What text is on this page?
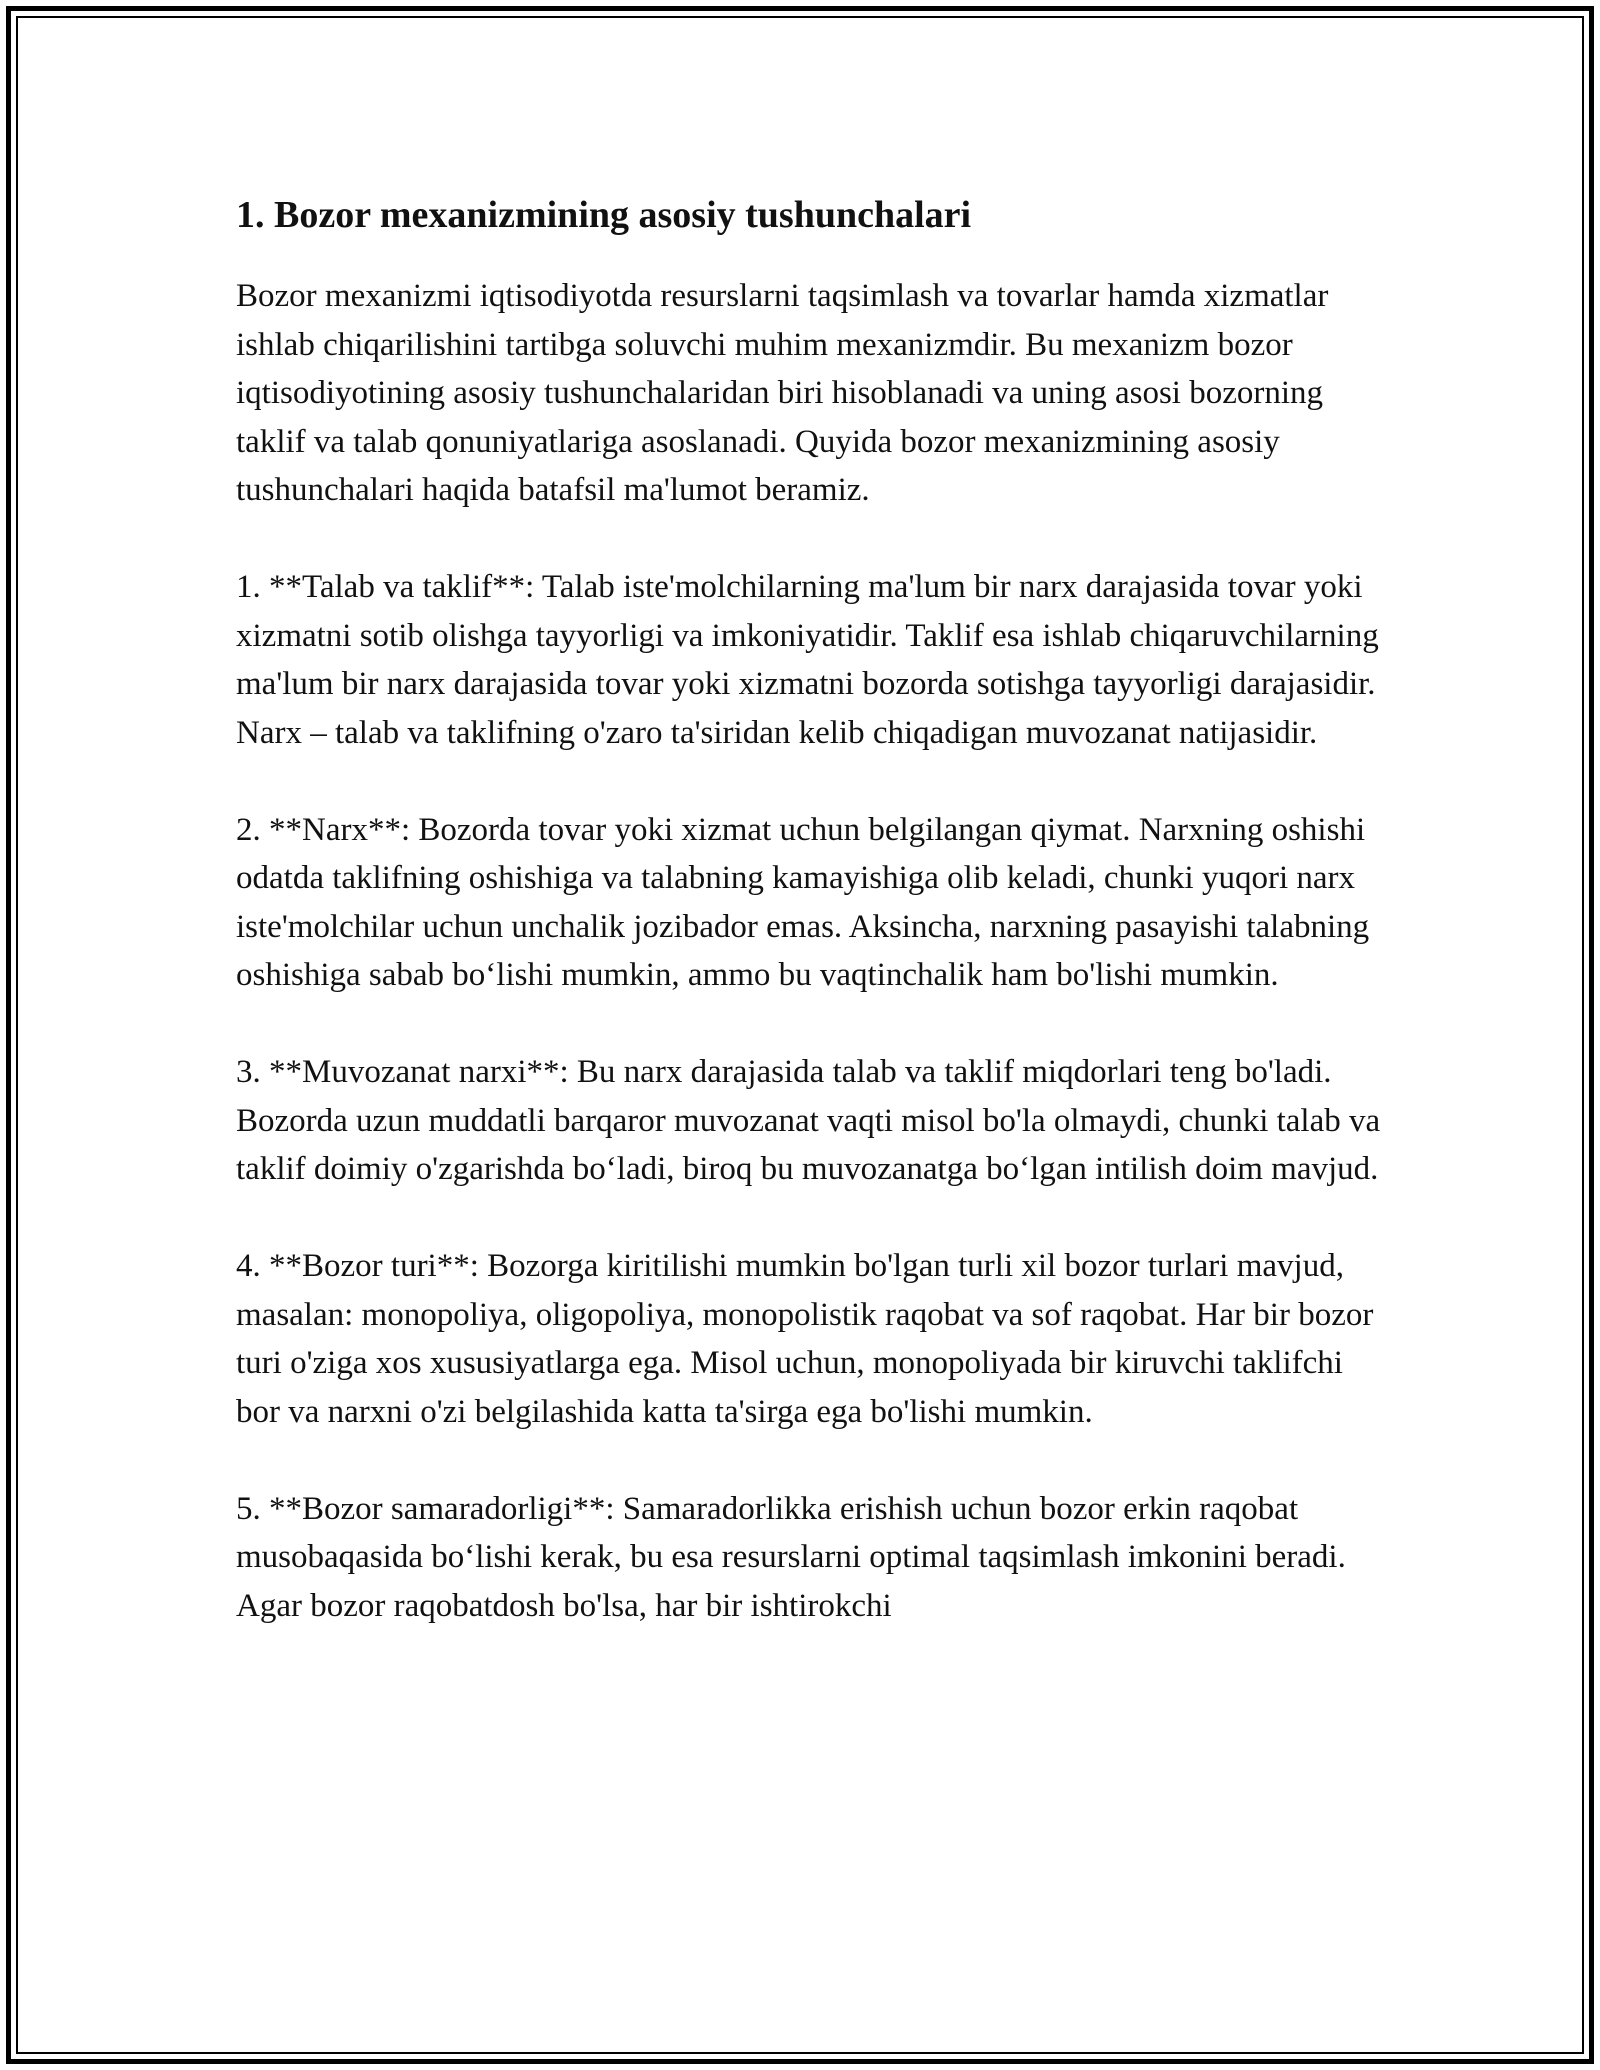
1. Bozor mexanizmining asosiy tushunchalari

Bozor mexanizmi iqtisodiyotda resurslarni taqsimlash va tovarlar hamda xizmatlar ishlab chiqarilishini tartibga soluvchi muhim mexanizmdir. Bu mexanizm bozor iqtisodiyotining asosiy tushunchalaridan biri hisoblanadi va uning asosi bozorning taklif va talab qonuniyatlariga asoslanadi. Quyida bozor mexanizmining asosiy tushunchalari haqida batafsil ma'lumot beramiz.

1. **Talab va taklif**: Talab iste'molchilarning ma'lum bir narx darajasida tovar yoki xizmatni sotib olishga tayyorligi va imkoniyatidir. Taklif esa ishlab chiqaruvchilarning ma'lum bir narx darajasida tovar yoki xizmatni bozorda sotishga tayyorligi darajasidir. Narx – talab va taklifning o'zaro ta'siridan kelib chiqadigan muvozanat natijasidir.

2. **Narx**: Bozorda tovar yoki xizmat uchun belgilangan qiymat. Narxning oshishi odatda taklifning oshishiga va talabning kamayishiga olib keladi, chunki yuqori narx iste'molchilar uchun unchalik jozibador emas. Aksincha, narxning pasayishi talabning oshishiga sabab bo‘lishi mumkin, ammo bu vaqtinchalik ham bo'lishi mumkin.

3. **Muvozanat narxi**: Bu narx darajasida talab va taklif miqdorlari teng bo'ladi. Bozorda uzun muddatli barqaror muvozanat vaqti misol bo'la olmaydi, chunki talab va taklif doimiy o'zgarishda bo‘ladi, biroq bu muvozanatga bo‘lgan intilish doim mavjud.

4. **Bozor turi**: Bozorga kiritilishi mumkin bo'lgan turli xil bozor turlari mavjud, masalan: monopoliya, oligopoliya, monopolistik raqobat va sof raqobat. Har bir bozor turi o'ziga xos xususiyatlarga ega. Misol uchun, monopoliyada bir kiruvchi taklifchi bor va narxni o'zi belgilashida katta ta'sirga ega bo'lishi mumkin.

5. **Bozor samaradorligi**: Samaradorlikka erishish uchun bozor erkin raqobat musobaqasida bo‘lishi kerak, bu esa resurslarni optimal taqsimlash imkonini beradi. Agar bozor raqobatdosh bo'lsa, har bir ishtirokchi
